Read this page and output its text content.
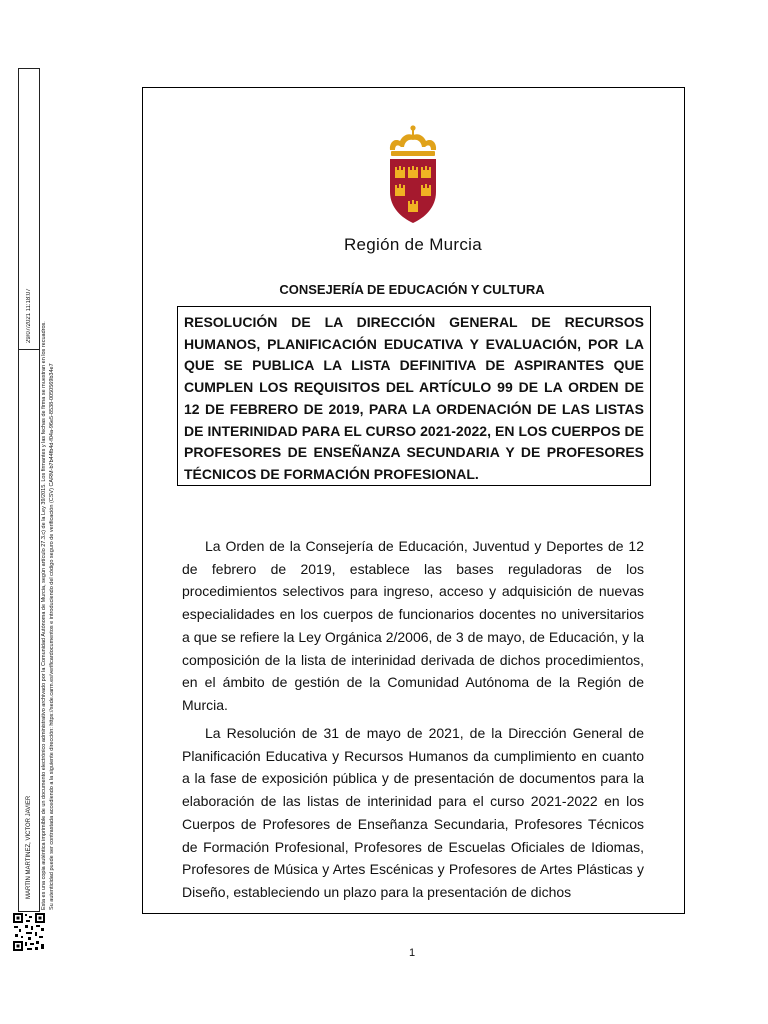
29/07/2021 11:18:07
MARTÍN MARTÍNEZ, VÍCTOR JAVIER	Esta es una copia auténtica imprimible de un documento electrónico administrativo archivado por la Comunidad Autónoma de Murcia, según artículo 27.3.c) de la Ley 39/2015. Los firmantes y las fechas de firma se muestran en los recuadros. Su autenticidad puede ser contrastada accediendo a la siguiente dirección: https://sede.carm.es/verificardocumentos e introduciendo del código seguro de verificación (CSV) CARM-b7b44fb4d-f04a-96e5-8538-0050569b34e7
Región de Murcia
CONSEJERÍA DE EDUCACIÓN Y CULTURA

RESOLUCIÓN DE LA DIRECCIÓN GENERAL DE RECURSOS HUMANOS, PLANIFICACIÓN EDUCATIVA Y EVALUACIÓN, POR LA QUE SE PUBLICA LA LISTA DEFINITIVA DE ASPIRANTES QUE CUMPLEN LOS REQUISITOS DEL ARTÍCULO 99 DE LA ORDEN DE 12 DE FEBRERO DE 2019, PARA LA ORDENACIÓN DE LAS LISTAS DE INTERINIDAD PARA EL CURSO 2021-2022, EN LOS CUERPOS DE PROFESORES DE ENSEÑANZA SECUNDARIA Y DE PROFESORES TÉCNICOS DE FORMACIÓN PROFESIONAL.

La Orden de la Consejería de Educación, Juventud y Deportes de 12 de febrero de 2019, establece las bases reguladoras de los procedimientos selectivos para ingreso, acceso y adquisición de nuevas especialidades en los cuerpos de funcionarios docentes no universitarios a que se refiere la Ley Orgánica 2/2006, de 3 de mayo, de Educación, y la composición de la lista de interinidad derivada de dichos procedimientos, en el ámbito de gestión de la Comunidad Autónoma de la Región de Murcia.

La Resolución de 31 de mayo de 2021, de la Dirección General de Planificación Educativa y Recursos Humanos da cumplimiento en cuanto a la fase de exposición pública y de presentación de documentos para la elaboración de las listas de interinidad para el curso 2021-2022 en los Cuerpos de Profesores de Enseñanza Secundaria, Profesores Técnicos de Formación Profesional, Profesores de Escuelas Oficiales de Idiomas, Profesores de Música y Artes Escénicas y Profesores de Artes Plásticas y Diseño, estableciendo un plazo para la presentación de dichos

1
